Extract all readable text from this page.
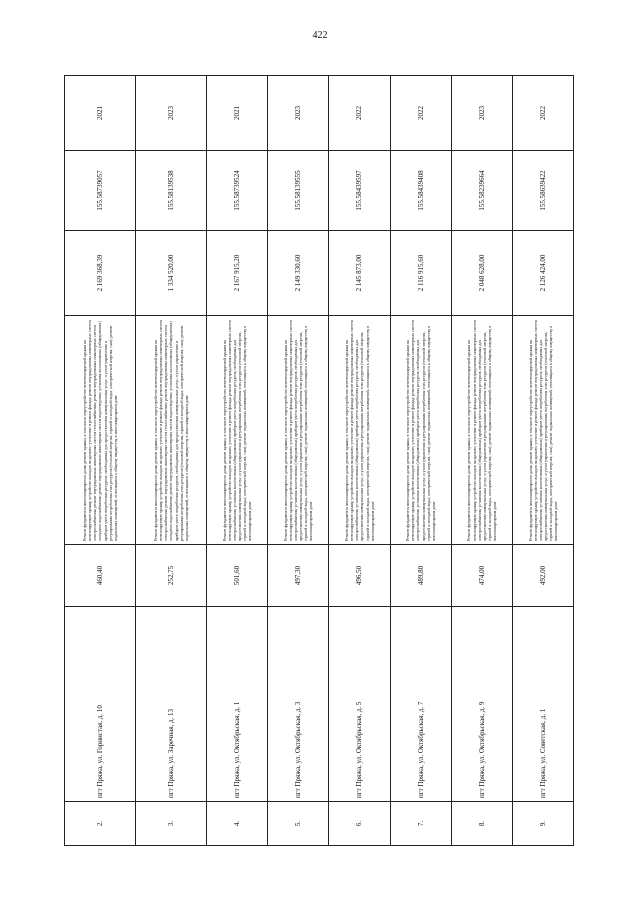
422
2.	пгт Пряжа, ул. Горнистая, д. 10	460,40	Ремонт фундамента многоквартирного дома; ремонт крыши, в том числе переустройство невентилируемой крыши на вентилируемую крышу, устройство выходов на кровлю; утепление и ремонт фасада; ремонт внутридомовых инженерных систем электроснабжения; ремонт внутридомовых инженерных систем теплоснабжения; ремонт внутридомовых инженерных систем холодного водоснабжения; ремонт внутридомовых инженерных систем водоотведения; установка коллективных (общедомовых) приборов учета потребления ресурсов, необходимых для предоставления коммунальных услуг, и узлов управления и регулирования потребления этих ресурсов (тепловой энергии, горячей и холодной воды, электрической энергии, газа); ремонт подвальных помещений, относящихся к общему имуществу в многоквартирном доме	2 169 368,39	155.58739057	2021
3.	пгт Пряжа, ул. Заречная, д. 13	252,75	Ремонт фундамента многоквартирного дома; ремонт крыши, в том числе переустройство невентилируемой крыши на вентилируемую крышу, устройство выходов на кровлю; утепление и ремонт фасада; ремонт внутридомовых инженерных систем электроснабжения; ремонт внутридомовых инженерных систем теплоснабжения; ремонт внутридомовых инженерных систем холодного водоснабжения; ремонт внутридомовых инженерных систем водоотведения; установка коллективных (общедомовых) приборов учета потребления ресурсов, необходимых для предоставления коммунальных услуг, и узлов управления и регулирования потребления этих ресурсов (тепловой энергии, горячей и холодной воды, электрической энергии, газа); ремонт подвальных помещений, относящихся к общему имуществу в многоквартирном доме	1 334 520,00	155.58139538	2023
4.	пгт Пряжа, ул. Октябрьская, д. 1	501,60	Ремонт фундамента многоквартирного дома; ремонт крыши, в том числе переустройство невентилируемой крыши на вентилируемую крышу, устройство выходов на кровлю; утепление и ремонт фасада; ремонт внутридомовых инженерных систем электроснабжения; установка коллективных (общедомовых) приборов учета потребления ресурсов, необходимых для предоставления коммунальных услуг, и узлов управления и регулирования потребления этих ресурсов (тепловой энергии, горячей и холодной воды, электрической энергии, газа); ремонт подвальных помещений, относящихся к общему имуществу в многоквартирном доме	2 167 915,20	155.58739524	2021
5.	пгт Пряжа, ул. Октябрьская, д. 3	497,30	Ремонт фундамента многоквартирного дома; ремонт крыши, в том числе переустройство невентилируемой крыши на вентилируемую крышу, устройство выходов на кровлю; утепление и ремонт фасада; ремонт внутридомовых инженерных систем электроснабжения; установка коллективных (общедомовых) приборов учета потребления ресурсов, необходимых для предоставления коммунальных услуг, и узлов управления и регулирования потребления этих ресурсов (тепловой энергии, горячей и холодной воды, электрической энергии, газа); ремонт подвальных помещений, относящихся к общему имуществу в многоквартирном доме	2 149 330,60	155.58139555	2023
6.	пгт Пряжа, ул. Октябрьская, д. 5	496,50	Ремонт фундамента многоквартирного дома; ремонт крыши, в том числе переустройство невентилируемой крыши на вентилируемую крышу, устройство выходов на кровлю; утепление и ремонт фасада; ремонт внутридомовых инженерных систем электроснабжения; установка коллективных (общедомовых) приборов учета потребления ресурсов, необходимых для предоставления коммунальных услуг, и узлов управления и регулирования потребления этих ресурсов (тепловой энергии, горячей и холодной воды, электрической энергии, газа); ремонт подвальных помещений, относящихся к общему имуществу в многоквартирном доме	2 145 873,00	155.58439597	2022
7.	пгт Пряжа, ул. Октябрьская, д. 7	489,80	Ремонт фундамента многоквартирного дома; ремонт крыши, в том числе переустройство невентилируемой крыши на вентилируемую крышу, устройство выходов на кровлю; утепление и ремонт фасада; ремонт внутридомовых инженерных систем электроснабжения; установка коллективных (общедомовых) приборов учета потребления ресурсов, необходимых для предоставления коммунальных услуг, и узлов управления и регулирования потребления этих ресурсов (тепловой энергии, горячей и холодной воды, электрической энергии, газа); ремонт подвальных помещений, относящихся к общему имуществу в многоквартирном доме	2 116 915,60	155.58439408	2022
8.	пгт Пряжа, ул. Октябрьская, д. 9	474,00	Ремонт фундамента многоквартирного дома; ремонт крыши, в том числе переустройство невентилируемой крыши на вентилируемую крышу, устройство выходов на кровлю; утепление и ремонт фасада; ремонт внутридомовых инженерных систем электроснабжения; установка коллективных (общедомовых) приборов учета потребления ресурсов, необходимых для предоставления коммунальных услуг, и узлов управления и регулирования потребления этих ресурсов (тепловой энергии, горячей и холодной воды, электрической энергии, газа); ремонт подвальных помещений, относящихся к общему имуществу в многоквартирном доме	2 048 628,00	155.58239664	2023
9.	пгт Пряжа, ул. Советская, д. 1	492,00	Ремонт фундамента многоквартирного дома; ремонт крыши, в том числе переустройство невентилируемой крыши на вентилируемую крышу, устройство выходов на кровлю; утепление и ремонт фасада; ремонт внутридомовых инженерных систем электроснабжения; установка коллективных (общедомовых) приборов учета потребления ресурсов, необходимых для предоставления коммунальных услуг, и узлов управления и регулирования потребления этих ресурсов (тепловой энергии, горячей и холодной воды, электрической энергии, газа); ремонт подвальных помещений, относящихся к общему имуществу в многоквартирном доме	2 126 424,00	155.58639422	2022
